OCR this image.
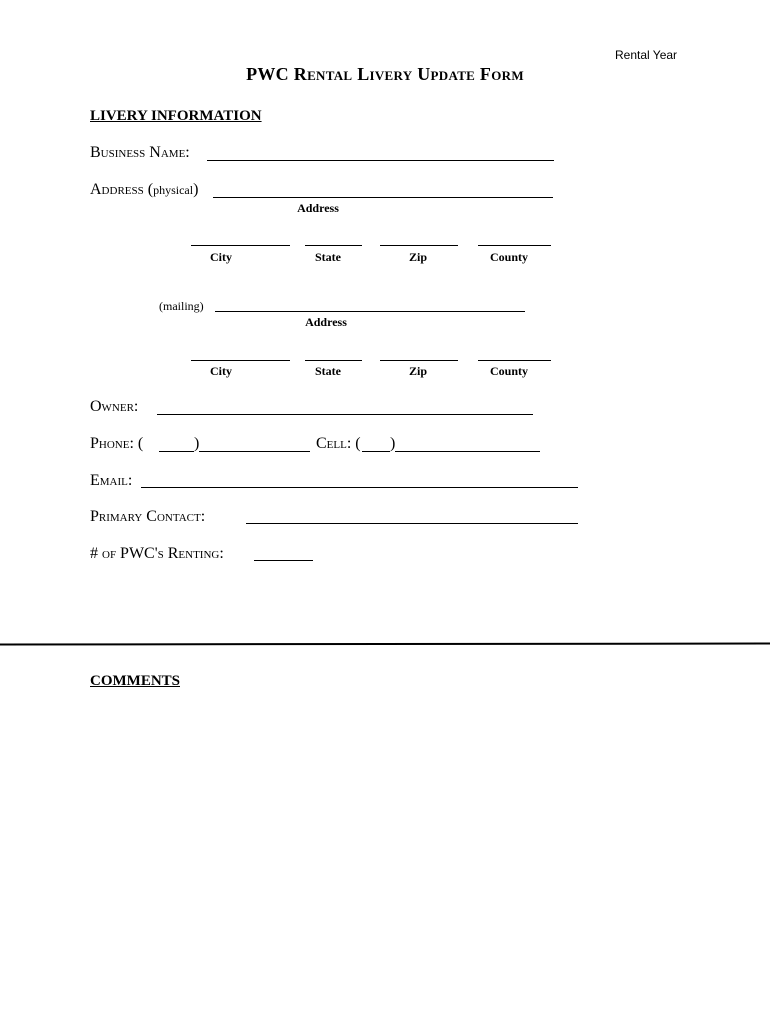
Rental Year
PWC Rental Livery Update Form
LIVERY INFORMATION
Business Name:
Address (physical)
Address
City	State	Zip	County
(mailing)
Address
City	State	Zip	County
Owner:
Phone: (	)	Cell: ( )
Email:
Primary Contact:
# of PWC's Renting:
COMMENTS
